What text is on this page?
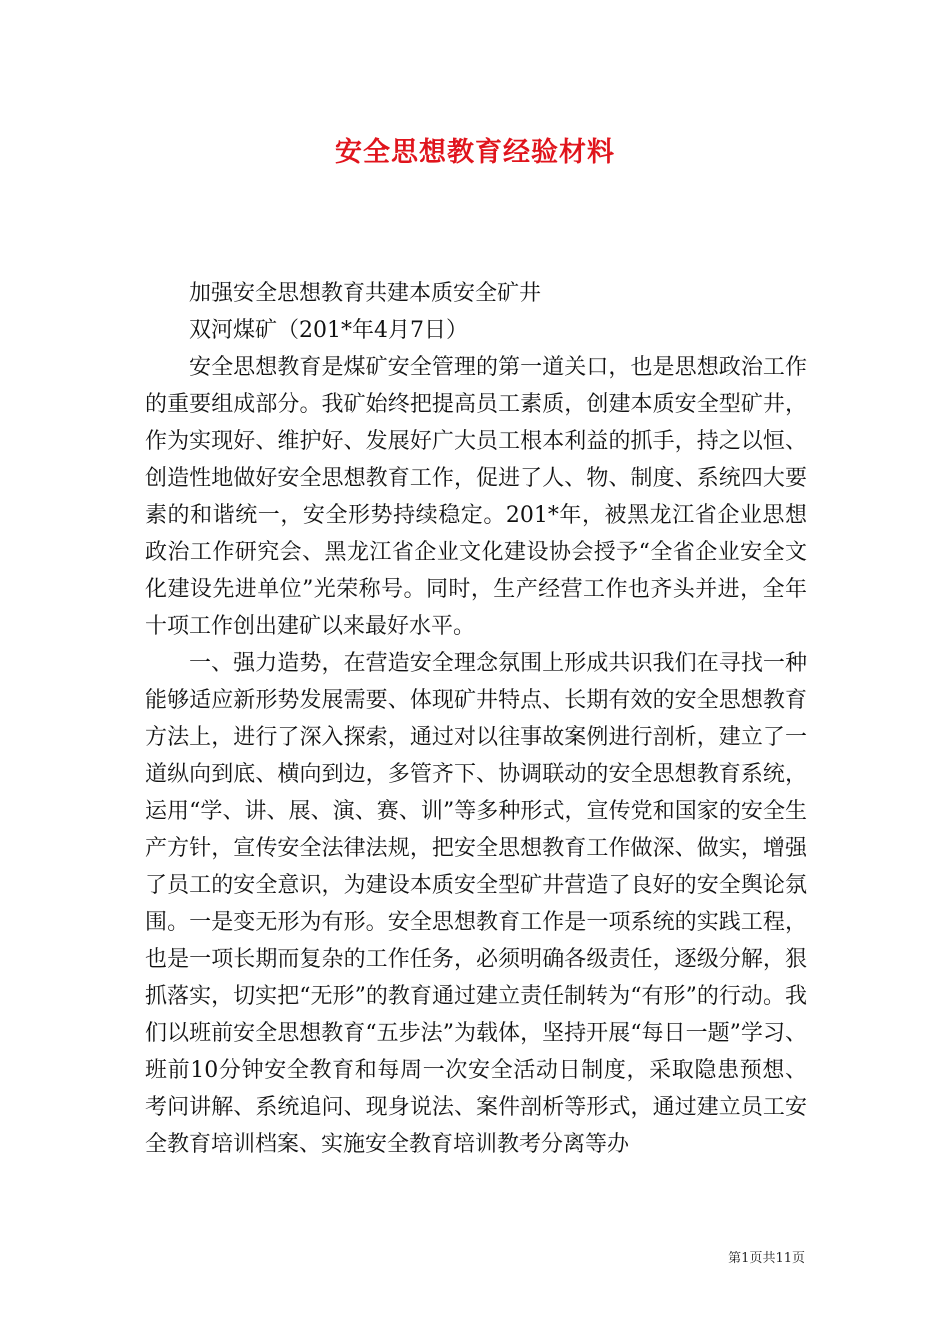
安全思想教育经验材料

加强安全思想教育共建本质安全矿井

双河煤矿（201*年4月7日）

安全思想教育是煤矿安全管理的第一道关口，也是思想政治工作的重要组成部分。我矿始终把提高员工素质，创建本质安全型矿井，作为实现好、维护好、发展好广大员工根本利益的抓手，持之以恒、创造性地做好安全思想教育工作，促进了人、物、制度、系统四大要素的和谐统一，安全形势持续稳定。201*年，被黑龙江省企业思想政治工作研究会、黑龙江省企业文化建设协会授予“全省企业安全文化建设先进单位”光荣称号。同时，生产经营工作也齐头并进，全年十项工作创出建矿以来最好水平。

一、强力造势，在营造安全理念氛围上形成共识我们在寻找一种能够适应新形势发展需要、体现矿井特点、长期有效的安全思想教育方法上，进行了深入探索，通过对以往事故案例进行剖析，建立了一道纵向到底、横向到边，多管齐下、协调联动的安全思想教育系统，运用“学、讲、展、演、赛、训”等多种形式，宣传党和国家的安全生产方针，宣传安全法律法规，把安全思想教育工作做深、做实，增强了员工的安全意识，为建设本质安全型矿井营造了良好的安全舆论氛围。一是变无形为有形。安全思想教育工作是一项系统的实践工程，也是一项长期而复杂的工作任务，必须明确各级责任，逐级分解，狠抓落实，切实把“无形”的教育通过建立责任制转为“有形”的行动。我们以班前安全思想教育“五步法”为载体，坚持开展“每日一题”学习、班前10分钟安全教育和每周一次安全活动日制度，采取隐患预想、考问讲解、系统追问、现身说法、案件剖析等形式，通过建立员工安全教育培训档案、实施安全教育培训教考分离等办

第1页共11页
